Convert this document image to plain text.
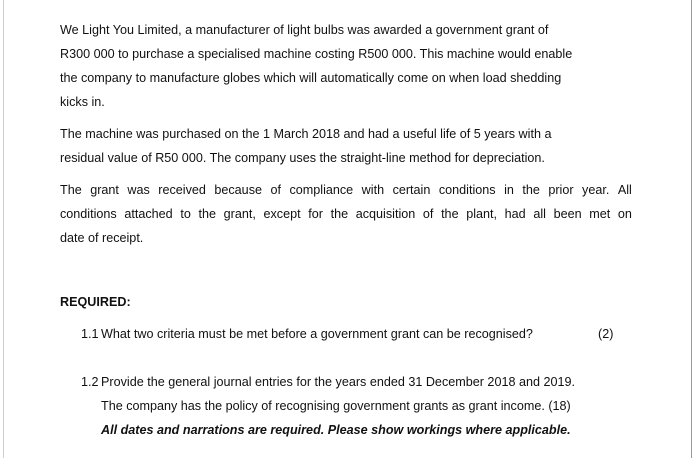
We Light You Limited, a manufacturer of light bulbs was awarded a government grant of
R300 000 to purchase a specialised machine costing R500 000. This machine would enable
the company to manufacture globes which will automatically come on when load shedding
kicks in.
The machine was purchased on the 1 March 2018 and had a useful life of 5 years with a
residual value of R50 000. The company uses the straight-line method for depreciation.
The grant was received because of compliance with certain conditions in the prior year. All
conditions attached to the grant, except for the acquisition of the plant, had all been met on
date of receipt.
REQUIRED:
1.1 What two criteria must be met before a government grant can be recognised?	(2)
1.2 Provide the general journal entries for the years ended 31 December 2018 and 2019.
The company has the policy of recognising government grants as grant income. (18)
All dates and narrations are required. Please show workings where applicable.
